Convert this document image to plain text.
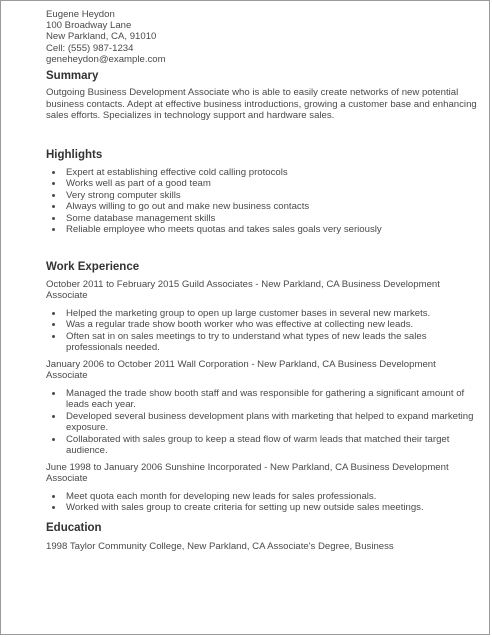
Eugene Heydon
100 Broadway Lane
New Parkland, CA, 91010
Cell: (555) 987-1234
geneheydon@example.com
Summary
Outgoing Business Development Associate who is able to easily create networks of new potential business contacts. Adept at effective business introductions, growing a customer base and enhancing sales efforts. Specializes in technology support and hardware sales.
Highlights
• Expert at establishing effective cold calling protocols
• Works well as part of a good team
• Very strong computer skills
• Always willing to go out and make new business contacts
• Some database management skills
• Reliable employee who meets quotas and takes sales goals very seriously
Work Experience
October 2011 to February 2015 Guild Associates - New Parkland, CA Business Development Associate
• Helped the marketing group to open up large customer bases in several new markets.
• Was a regular trade show booth worker who was effective at collecting new leads.
• Often sat in on sales meetings to try to understand what types of new leads the sales professionals needed.
January 2006 to October 2011 Wall Corporation - New Parkland, CA Business Development Associate
• Managed the trade show booth staff and was responsible for gathering a significant amount of leads each year.
• Developed several business development plans with marketing that helped to expand marketing exposure.
• Collaborated with sales group to keep a stead flow of warm leads that matched their target audience.
June 1998 to January 2006 Sunshine Incorporated - New Parkland, CA Business Development Associate
• Meet quota each month for developing new leads for sales professionals.
• Worked with sales group to create criteria for setting up new outside sales meetings.
Education
1998 Taylor Community College, New Parkland, CA Associate's Degree, Business
